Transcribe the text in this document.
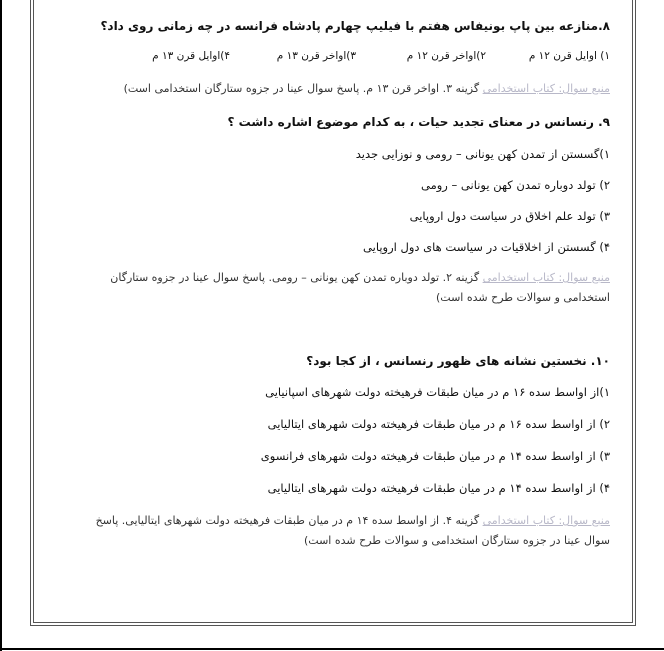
۸.منازعه بین پاپ بونیفاس هفتم با فیلیپ چهارم پادشاه فرانسه در چه زمانی روی داد؟
۱) اوایل قرن ۱۲ م
۲)اواخر قرن ۱۲ م
۳)اواخر قرن ۱۳ م
۴)اوایل قرن ۱۳ م
منبع سوال: کتاب استخدامی گزینه ۳. اواخر قرن ۱۳ م. پاسخ سوال عینا در جزوه ستارگان استخدامی است)
۹. رنسانس در معنای تجدید حیات ، به کدام موضوع اشاره داشت ؟
۱)گسستن از تمدن کهن یونانی – رومی و نوزایی جدید
۲) تولد دوباره تمدن کهن یونانی – رومی
۳) تولد علم اخلاق در سیاست دول اروپایی
۴) گسستن از اخلاقیات در سیاست های دول اروپایی
منبع سوال: کتاب استخدامی گزینه ۲. تولد دوباره تمدن کهن یونانی – رومی. پاسخ سوال عینا در جزوه ستارگان استخدامی و سوالات طرح شده است)
۱۰. نخستین نشانه های ظهور رنسانس ، از کجا بود؟
۱)از اواسط سده ۱۶ م در میان طبقات فرهیخته دولت شهرهای اسپانیایی
۲) از اواسط سده ۱۶ م در میان طبقات فرهیخته دولت شهرهای ایتالیایی
۳) از اواسط سده ۱۴ م در میان طبقات فرهیخته دولت شهرهای فرانسوی
۴) از اواسط سده ۱۴ م در میان طبقات فرهیخته دولت شهرهای ایتالیایی
منبع سوال: کتاب استخدامی گزینه ۴. از اواسط سده ۱۴ م در میان طبقات فرهیخته دولت شهرهای ایتالیایی. پاسخ سوال عینا در جزوه ستارگان استخدامی و سوالات طرح شده است)
